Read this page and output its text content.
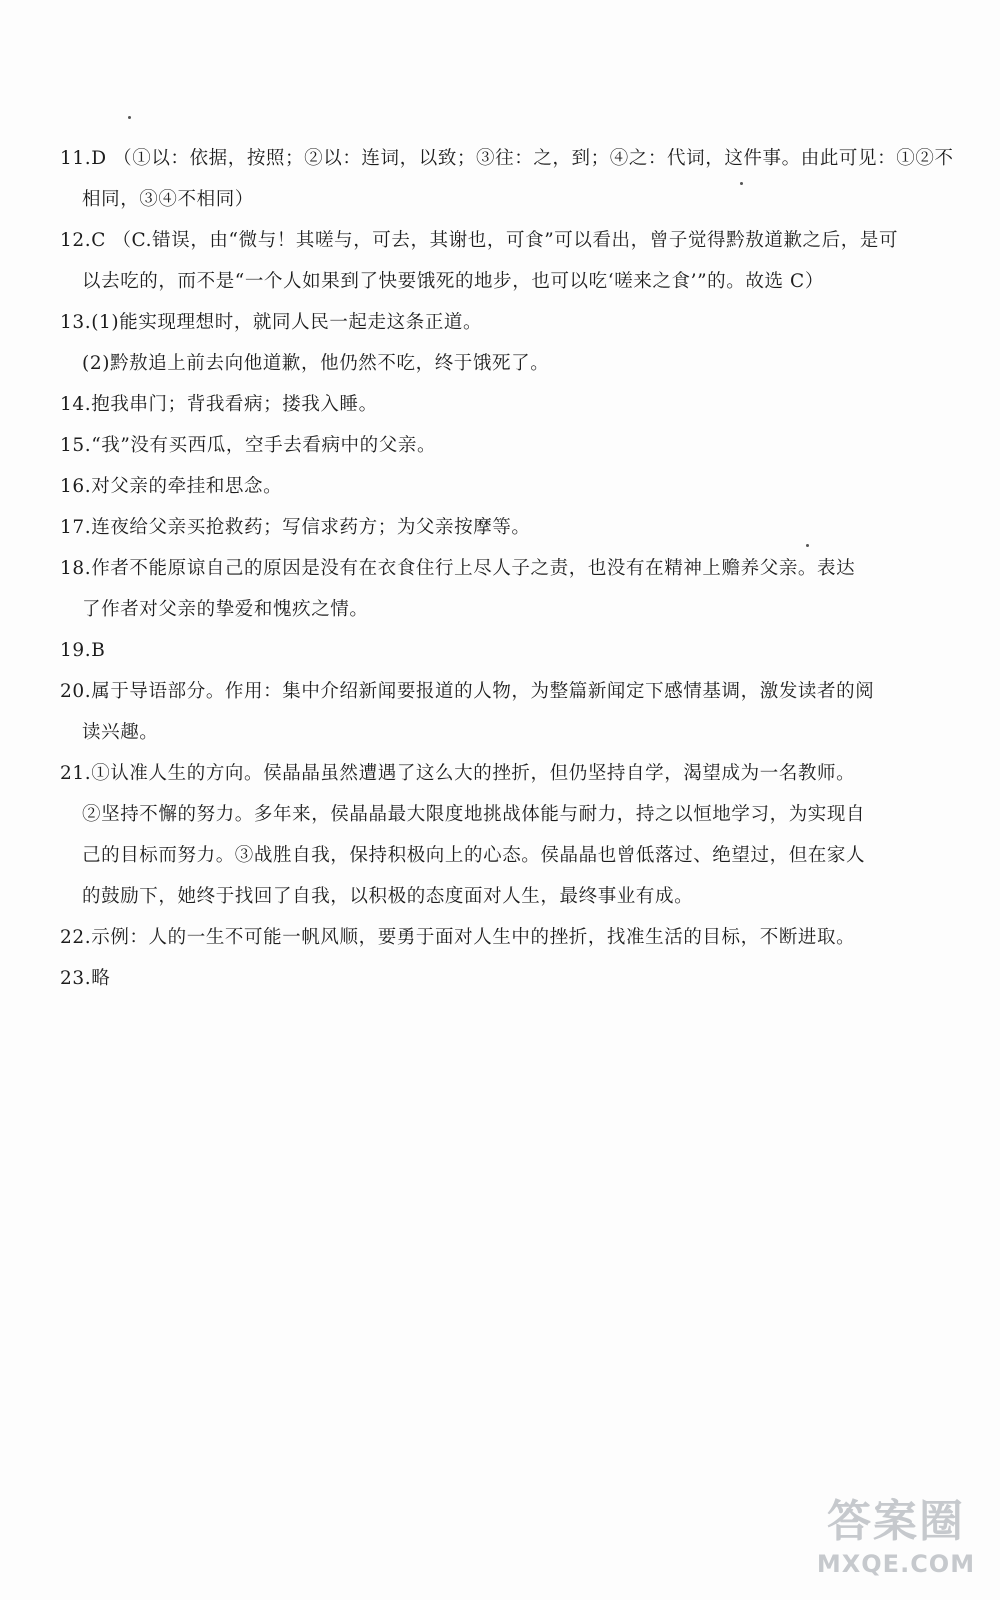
11.D （①以：依据，按照；②以：连词，以致；③往：之，到；④之：代词，这件事。由此可见：①②不
相同，③④不相同）
12.C （C.错误，由“微与！其嗟与，可去，其谢也，可食”可以看出，曾子觉得黔敖道歉之后，是可
以去吃的，而不是“一个人如果到了快要饿死的地步，也可以吃‘嗟来之食’”的。故选 C）
13.(1)能实现理想时，就同人民一起走这条正道。
(2)黔敖追上前去向他道歉，他仍然不吃，终于饿死了。
14.抱我串门；背我看病；搂我入睡。
15.“我”没有买西瓜，空手去看病中的父亲。
16.对父亲的牵挂和思念。
17.连夜给父亲买抢救药；写信求药方；为父亲按摩等。
18.作者不能原谅自己的原因是没有在衣食住行上尽人子之责，也没有在精神上赡养父亲。表达
了作者对父亲的挚爱和愧疚之情。
19.B
20.属于导语部分。作用：集中介绍新闻要报道的人物，为整篇新闻定下感情基调，激发读者的阅
读兴趣。
21.①认准人生的方向。侯晶晶虽然遭遇了这么大的挫折，但仍坚持自学，渴望成为一名教师。
②坚持不懈的努力。多年来，侯晶晶最大限度地挑战体能与耐力，持之以恒地学习，为实现自
己的目标而努力。③战胜自我，保持积极向上的心态。侯晶晶也曾低落过、绝望过，但在家人
的鼓励下，她终于找回了自我，以积极的态度面对人生，最终事业有成。
22.示例：人的一生不可能一帆风顺，要勇于面对人生中的挫折，找准生活的目标，不断进取。
23.略
答案圈
MXQE.COM
